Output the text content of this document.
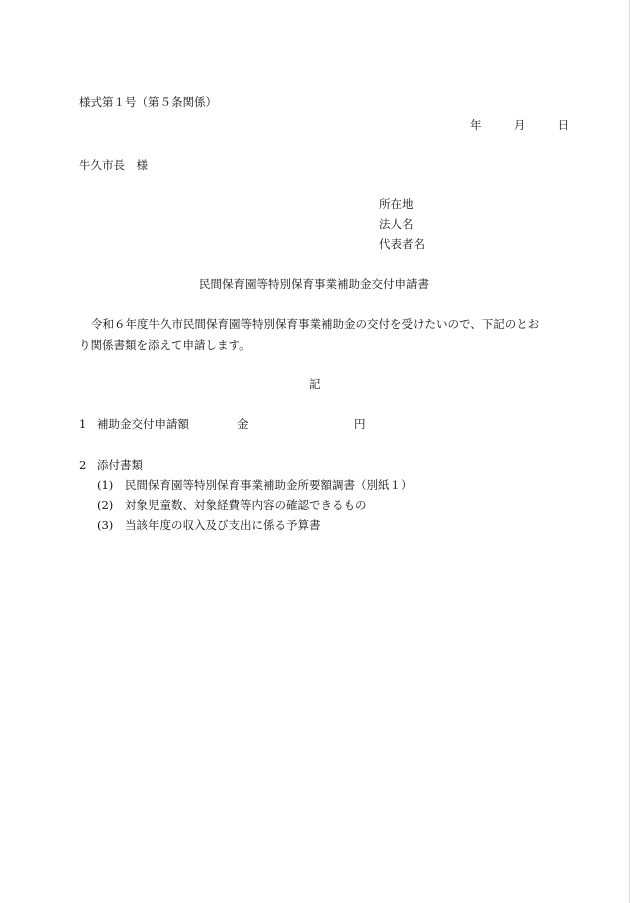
様式第１号（第５条関係）
年	月	日
牛久市長　様
所在地
法人名
代表者名
民間保育園等特別保育事業補助金交付申請書
令和６年度牛久市民間保育園等特別保育事業補助金の交付を受けたいので、下記のとお
り関係書類を添えて申請します。
記
1 補助金交付申請額	金	円
2 添付書類
(1) 民間保育園等特別保育事業補助金所要額調書（別紙１）
(2) 対象児童数、対象経費等内容の確認できるもの
(3) 当該年度の収入及び支出に係る予算書
